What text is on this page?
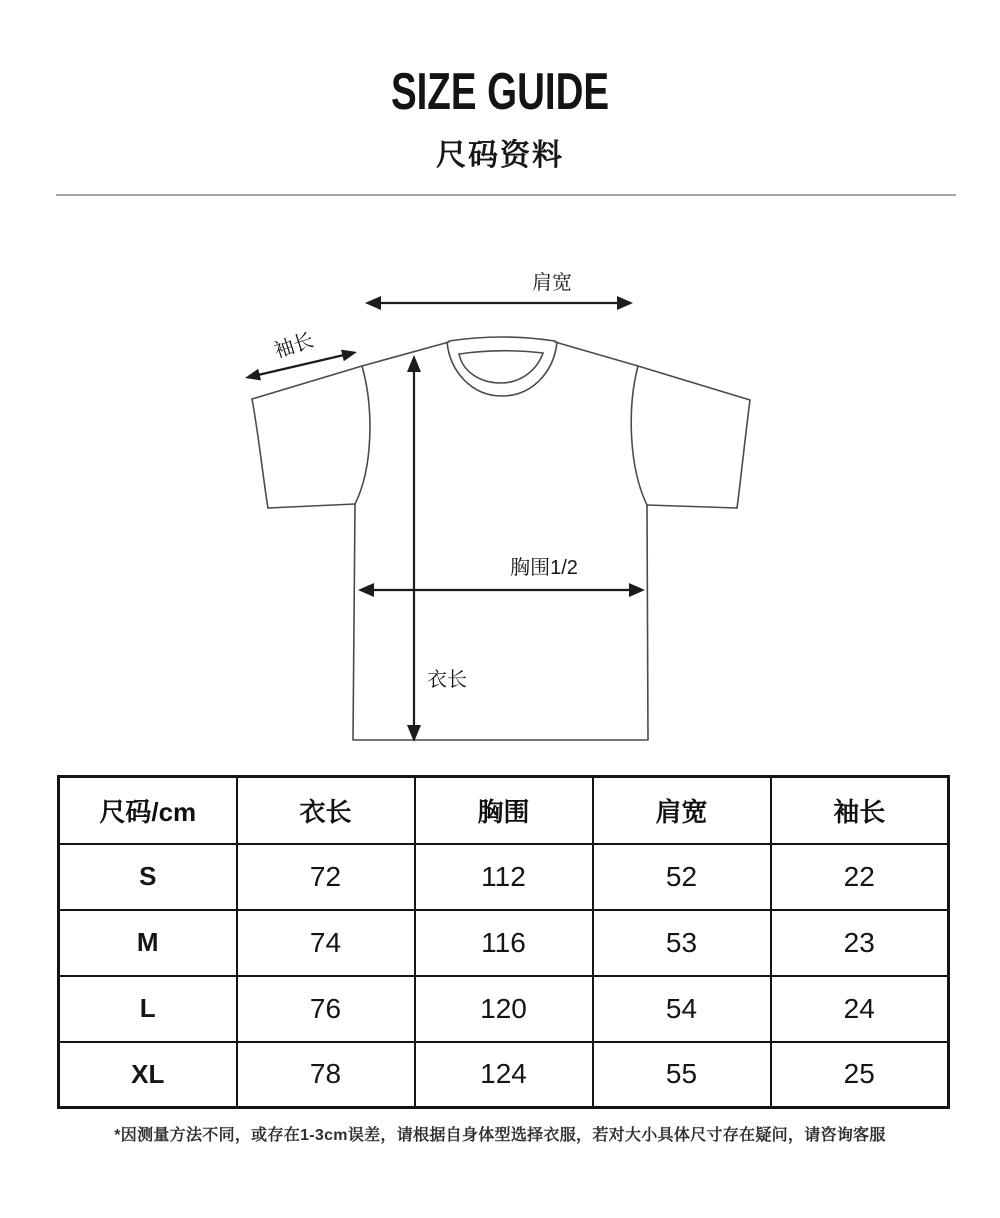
SIZE GUIDE
尺码资料
肩宽
袖长
胸围1/2
衣长
尺码/cm	衣长	胸围	肩宽	袖长
S	72	112	52	22
M	74	116	53	23
L	76	120	54	24
XL	78	124	55	25

*因测量方法不同，或存在1-3cm误差，请根据自身体型选择衣服，若对大小具体尺寸存在疑问，请咨询客服
